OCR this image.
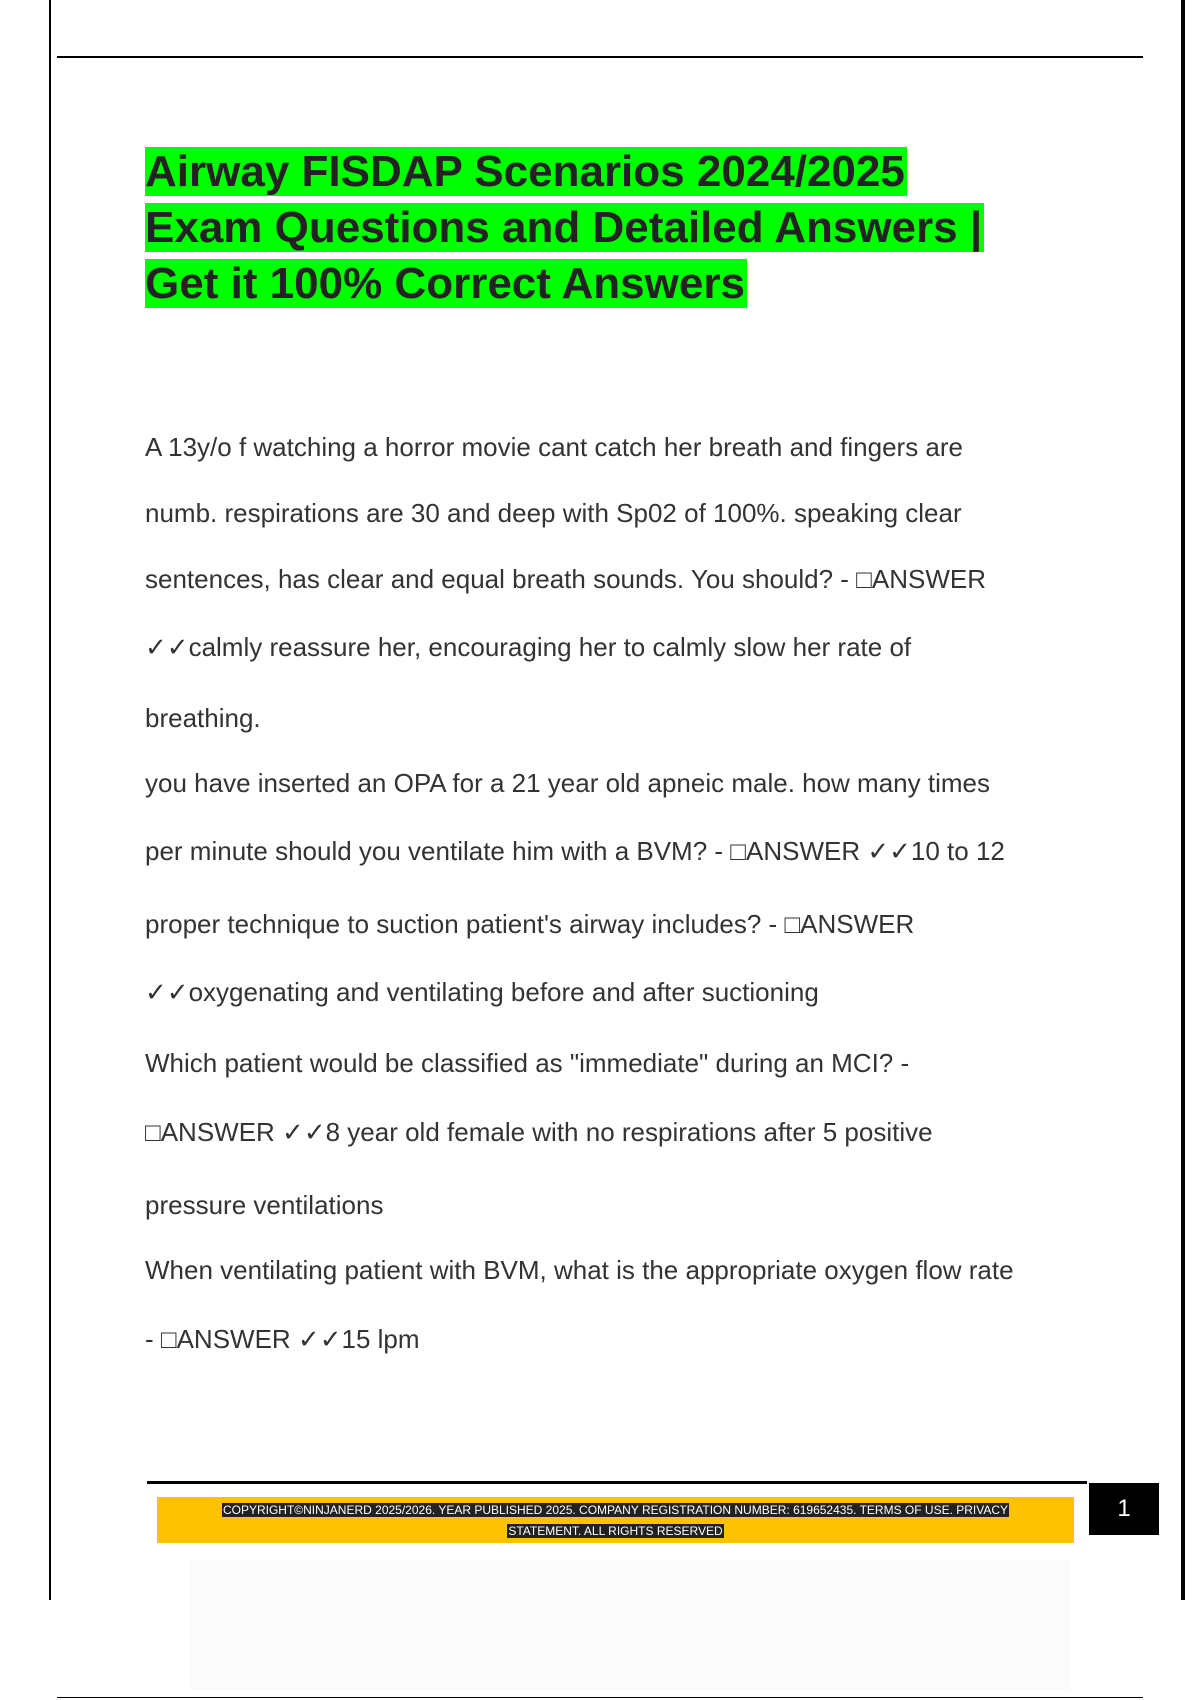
Airway FISDAP Scenarios 2024/2025
Exam Questions and Detailed Answers |
Get it 100% Correct Answers
A 13y/o f watching a horror movie cant catch her breath and fingers are
numb. respirations are 30 and deep with Sp02 of 100%. speaking clear
sentences, has clear and equal breath sounds. You should? - □ANSWER
✓✓calmly reassure her, encouraging her to calmly slow her rate of
breathing.
you have inserted an OPA for a 21 year old apneic male. how many times
per minute should you ventilate him with a BVM? - □ANSWER ✓✓10 to 12
proper technique to suction patient's airway includes? - □ANSWER
✓✓oxygenating and ventilating before and after suctioning
Which patient would be classified as "immediate" during an MCI? -
□ANSWER ✓✓8 year old female with no respirations after 5 positive
pressure ventilations
When ventilating patient with BVM, what is the appropriate oxygen flow rate
- □ANSWER ✓✓15 lpm
COPYRIGHT©NINJANERD 2025/2026. YEAR PUBLISHED 2025. COMPANY REGISTRATION NUMBER: 619652435. TERMS OF USE. PRIVACY
STATEMENT. ALL RIGHTS RESERVED
1
